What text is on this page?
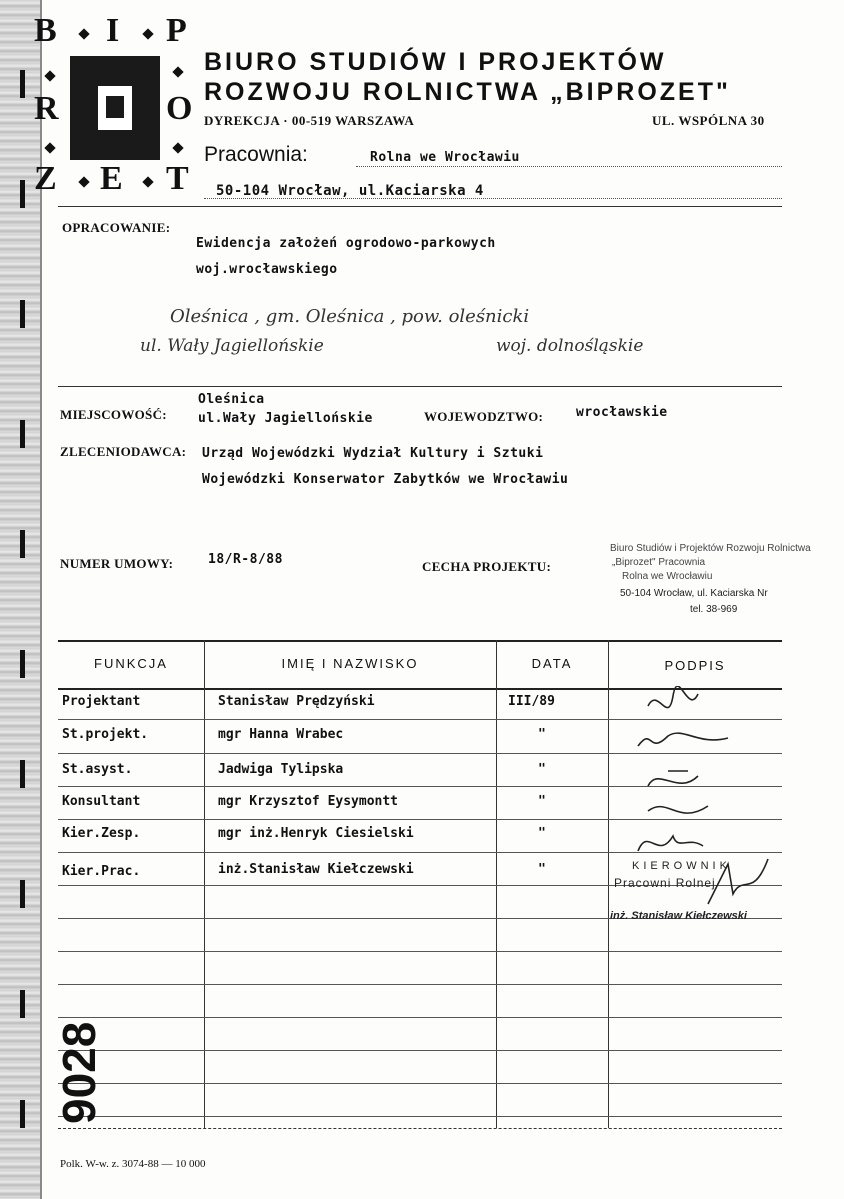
B I P
R	O
Z E T
BIURO STUDIÓW I PROJEKTÓW
ROZWOJU ROLNICTWA „BIPROZET"
DYREKCJA · 00-519 WARSZAWA	UL. WSPÓLNA 30
Pracownia:	Rolna we Wrocławiu
50-104 Wrocław, ul.Kaciarska 4
OPRACOWANIE:
Ewidencja założeń ogrodowo-parkowych
woj.wrocławskiego
Oleśnica , gm. Oleśnica , pow. oleśnicki
ul. Wały Jagiellońskie	woj. dolnośląskie
Oleśnica
MIEJSCOWOŚĆ: ul.Wały Jagiellońskie	WOJEWODZTWO:	wrocławskie
ZLECENIODAWCA: Urząd Wojewódzki Wydział Kultury i Sztuki
Wojewódzki Konserwator Zabytków we Wrocławiu
NUMER UMOWY:	18/R-8/88	CECHA PROJEKTU:
Biuro Studiów i Projektów Rozwoju Rolnictwa
„Biprozet" Pracownia
Rolna we Wrocławiu
50-104 Wrocław, ul. Kaciarska Nr
tel. 38-969
FUNKCJA	IMIĘ I NAZWISKO	DATA	PODPIS
Projektant	Stanisław Prędzyński	III/89
St.projekt.	mgr Hanna Wrabec	"
St.asyst.	Jadwiga Tylipska	"
Konsultant	mgr Krzysztof Eysymontt	"
Kier.Zesp.	mgr inż.Henryk Ciesielski	"
Kier.Prac.	inż.Stanisław Kiełczewski	"	KIEROWNIK
Pracowni Rolnej
inż. Stanisław Kiełczewski
9028
Polk. W-w. z. 3074-88 — 10 000
